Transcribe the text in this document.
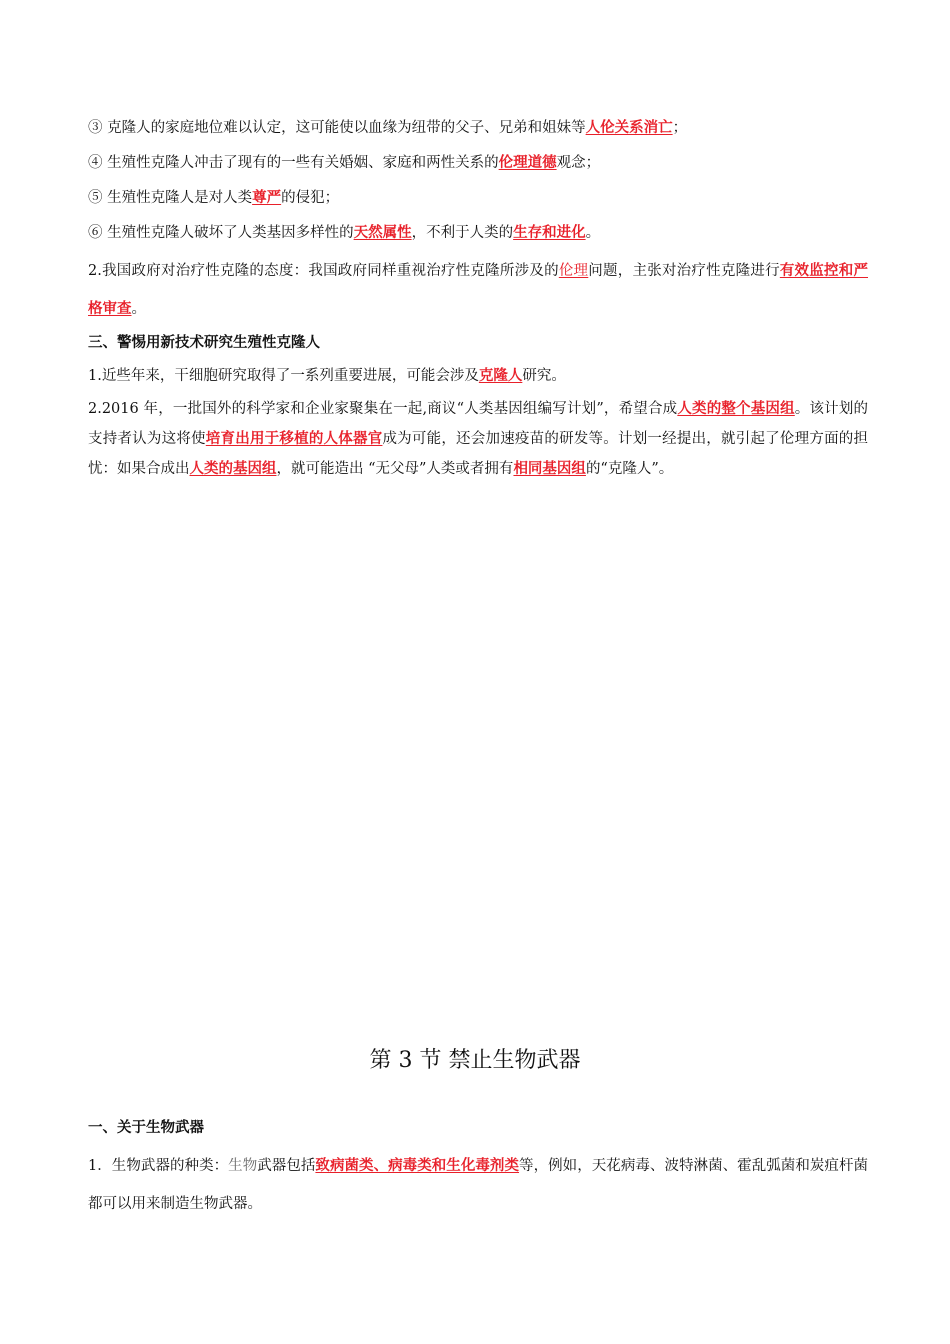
③ 克隆人的家庭地位难以认定，这可能使以血缘为纽带的父子、兄弟和姐妹等人伦关系消亡；
④ 生殖性克隆人冲击了现有的一些有关婚姻、家庭和两性关系的伦理道德观念；
⑤ 生殖性克隆人是对人类尊严的侵犯；
⑥ 生殖性克隆人破坏了人类基因多样性的天然属性，不利于人类的生存和进化。
2.我国政府对治疗性克隆的态度：我国政府同样重视治疗性克隆所涉及的伦理问题，主张对治疗性克隆进行有效监控和严格审查。
三、警惕用新技术研究生殖性克隆人
1.近些年来，干细胞研究取得了一系列重要进展，可能会涉及克隆人研究。
2.2016 年，一批国外的科学家和企业家聚集在一起,商议“人类基因组编写计划”，希望合成人类的整个基因组。该计划的支持者认为这将使培育出用于移植的人体器官成为可能，还会加速疫苗的研发等。计划一经提出，就引起了伦理方面的担忧：如果合成出人类的基因组，就可能造出 “无父母”人类或者拥有相同基因组的“克隆人”。
第 3 节 禁止生物武器
一、关于生物武器
1．生物武器的种类：生物武器包括致病菌类、病毒类和生化毒剂类等，例如，天花病毒、波特淋菌、霍乱弧菌和炭疽杆菌都可以用来制造生物武器。
